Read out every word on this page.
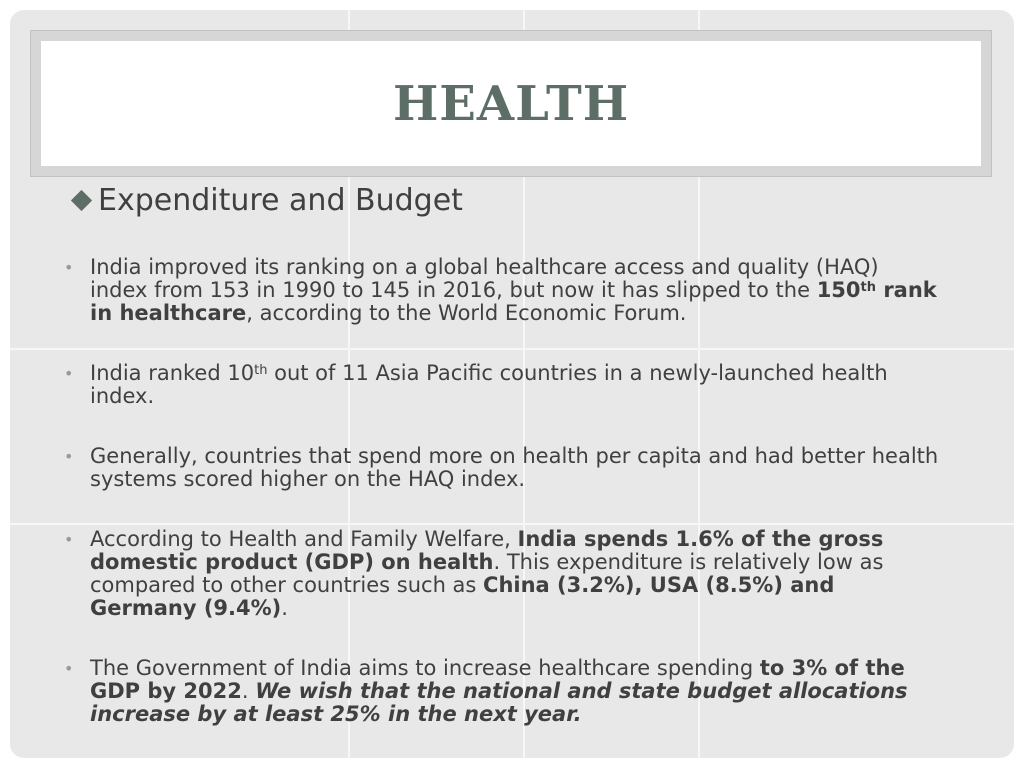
HEALTH
Expenditure and Budget
• India improved its ranking on a global healthcare access and quality (HAQ) index from 153 in 1990 to 145 in 2016, but now it has slipped to the 150th rank in healthcare, according to the World Economic Forum.
• India ranked 10th out of 11 Asia Pacific countries in a newly-launched health index.
• Generally, countries that spend more on health per capita and had better health systems scored higher on the HAQ index.
• According to Health and Family Welfare, India spends 1.6% of the gross domestic product (GDP) on health. This expenditure is relatively low as compared to other countries such as China (3.2%), USA (8.5%) and Germany (9.4%).
• The Government of India aims to increase healthcare spending to 3% of the GDP by 2022. We wish that the national and state budget allocations increase by at least 25% in the next year.
